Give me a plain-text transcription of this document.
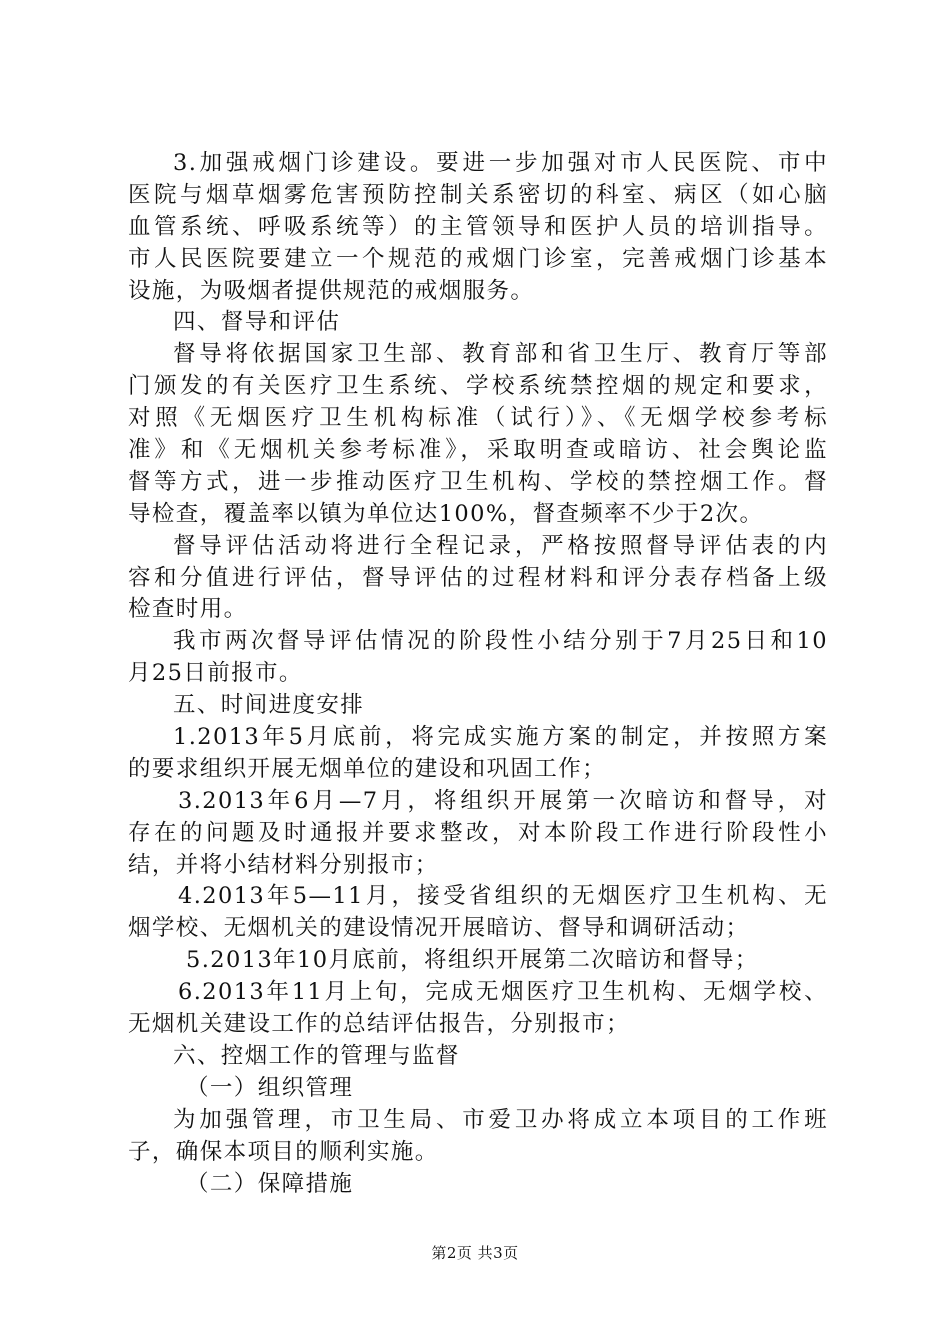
3.加强戒烟门诊建设。要进一步加强对市人民医院、市中
医院与烟草烟雾危害预防控制关系密切的科室、病区（如心脑
血管系统、呼吸系统等）的主管领导和医护人员的培训指导。
市人民医院要建立一个规范的戒烟门诊室，完善戒烟门诊基本
设施，为吸烟者提供规范的戒烟服务。
四、督导和评估
督导将依据国家卫生部、教育部和省卫生厅、教育厅等部
门颁发的有关医疗卫生系统、学校系统禁控烟的规定和要求，
对照《无烟医疗卫生机构标准（试行）》、《无烟学校参考标
准》和《无烟机关参考标准》，采取明查或暗访、社会舆论监
督等方式，进一步推动医疗卫生机构、学校的禁控烟工作。督
导检查，覆盖率以镇为单位达100%，督查频率不少于2次。
督导评估活动将进行全程记录，严格按照督导评估表的内
容和分值进行评估，督导评估的过程材料和评分表存档备上级
检查时用。
我市两次督导评估情况的阶段性小结分别于7月25日和10
月25日前报市。
五、时间进度安排
1.2013年5月底前，将完成实施方案的制定，并按照方案
的要求组织开展无烟单位的建设和巩固工作；
3.2013年6月—7月，将组织开展第一次暗访和督导，对
存在的问题及时通报并要求整改，对本阶段工作进行阶段性小
结，并将小结材料分别报市；
4.2013年5—11月，接受省组织的无烟医疗卫生机构、无
烟学校、无烟机关的建设情况开展暗访、督导和调研活动；
5.2013年10月底前，将组织开展第二次暗访和督导；
6.2013年11月上旬，完成无烟医疗卫生机构、无烟学校、
无烟机关建设工作的总结评估报告，分别报市；
六、控烟工作的管理与监督
（一）组织管理
为加强管理，市卫生局、市爱卫办将成立本项目的工作班
子，确保本项目的顺利实施。
（二）保障措施
第2页 共3页
